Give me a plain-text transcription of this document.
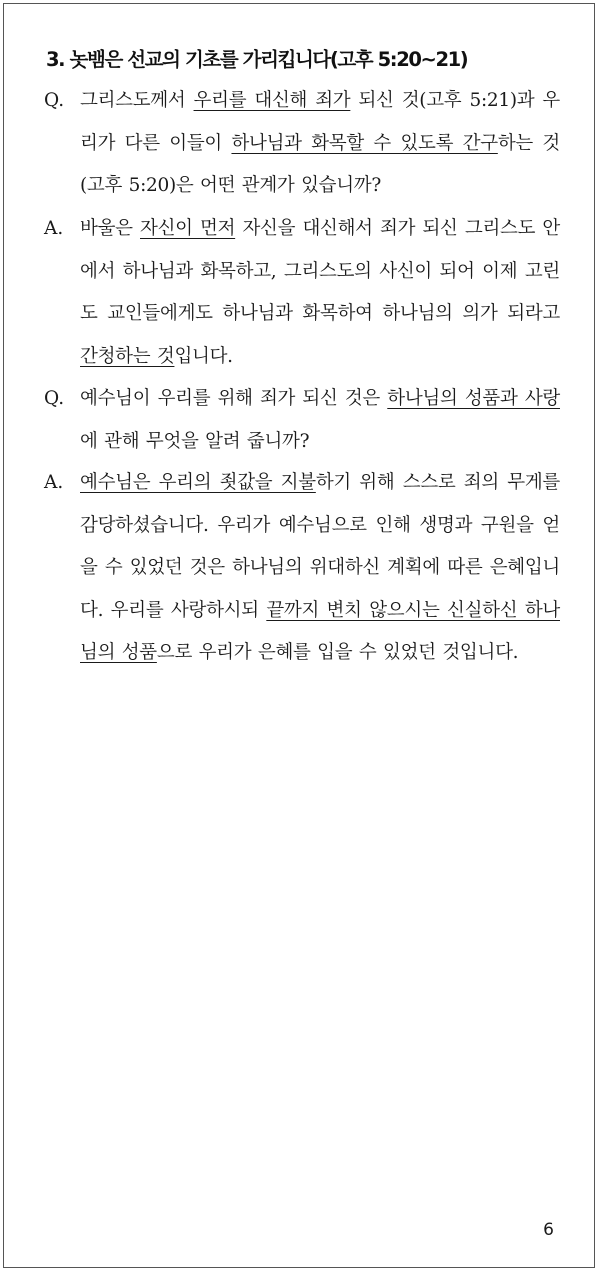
3. 놋뱀은 선교의 기초를 가리킵니다(고후 5:20~21)
Q. 그리스도께서 우리를 대신해 죄가 되신 것(고후 5:21)과 우리가 다른 이들이 하나님과 화목할 수 있도록 간구하는 것(고후 5:20)은 어떤 관계가 있습니까?
A. 바울은 자신이 먼저 자신을 대신해서 죄가 되신 그리스도 안에서 하나님과 화목하고, 그리스도의 사신이 되어 이제 고린도 교인들에게도 하나님과 화목하여 하나님의 의가 되라고 간청하는 것입니다.
Q. 예수님이 우리를 위해 죄가 되신 것은 하나님의 성품과 사랑에 관해 무엇을 알려 줍니까?
A. 예수님은 우리의 죗값을 지불하기 위해 스스로 죄의 무게를 감당하셨습니다. 우리가 예수님으로 인해 생명과 구원을 얻을 수 있었던 것은 하나님의 위대하신 계획에 따른 은혜입니다. 우리를 사랑하시되 끝까지 변치 않으시는 신실하신 하나님의 성품으로 우리가 은혜를 입을 수 있었던 것입니다.

6
